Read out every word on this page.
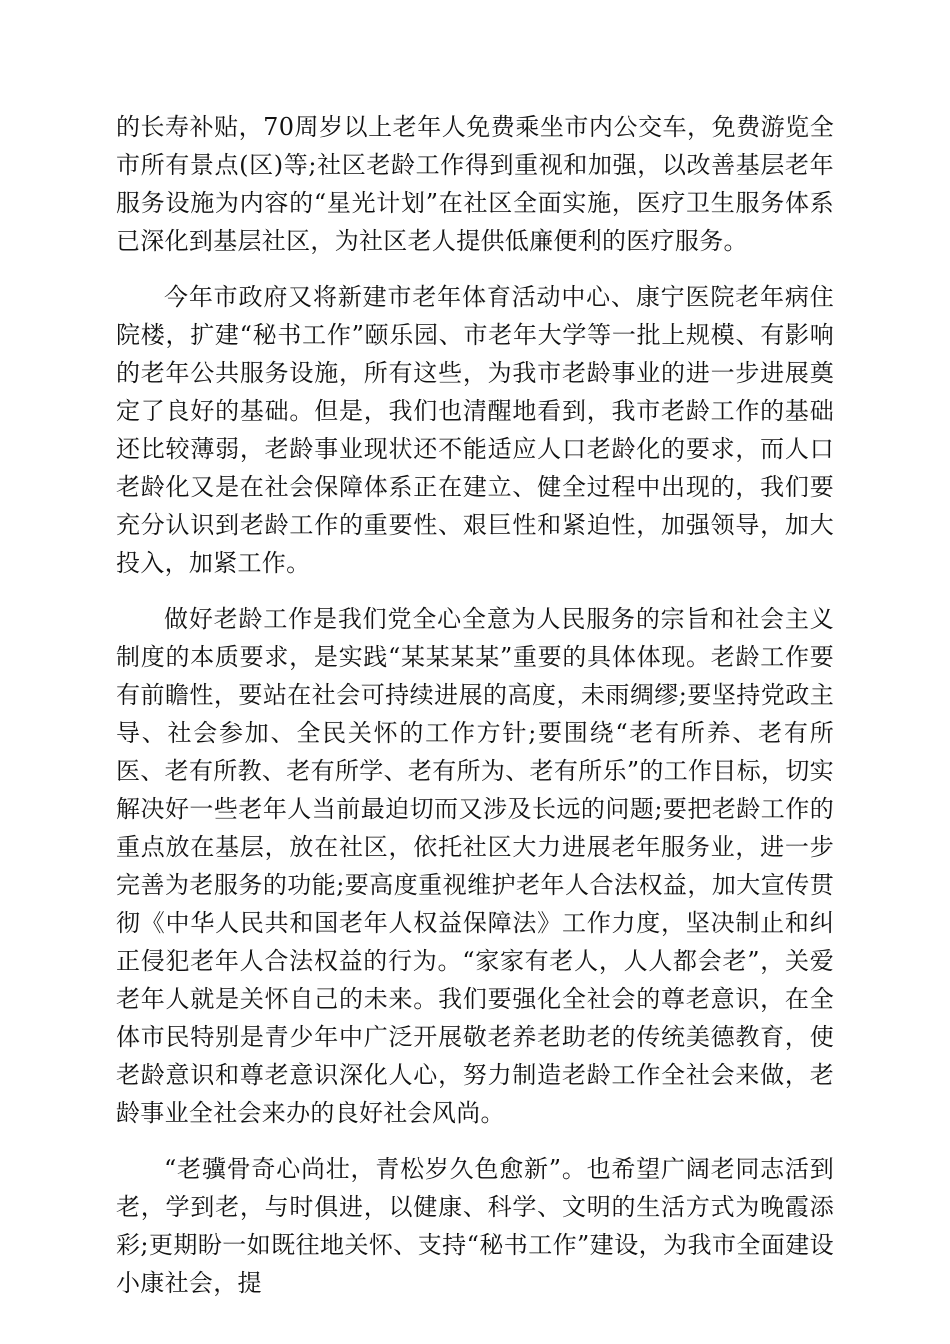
的长寿补贴，70周岁以上老年人免费乘坐市内公交车，免费游览全市所有景点(区)等;社区老龄工作得到重视和加强，以改善基层老年服务设施为内容的“星光计划”在社区全面实施，医疗卫生服务体系已深化到基层社区，为社区老人提供低廉便利的医疗服务。

今年市政府又将新建市老年体育活动中心、康宁医院老年病住院楼，扩建“秘书工作”颐乐园、市老年大学等一批上规模、有影响的老年公共服务设施，所有这些，为我市老龄事业的进一步进展奠定了良好的基础。但是，我们也清醒地看到，我市老龄工作的基础还比较薄弱，老龄事业现状还不能适应人口老龄化的要求，而人口老龄化又是在社会保障体系正在建立、健全过程中出现的，我们要充分认识到老龄工作的重要性、艰巨性和紧迫性，加强领导，加大投入，加紧工作。

做好老龄工作是我们党全心全意为人民服务的宗旨和社会主义制度的本质要求，是实践“某某某某”重要的具体体现。老龄工作要有前瞻性，要站在社会可持续进展的高度，未雨绸缪;要坚持党政主导、社会参加、全民关怀的工作方针;要围绕“老有所养、老有所医、老有所教、老有所学、老有所为、老有所乐”的工作目标，切实解决好一些老年人当前最迫切而又涉及长远的问题;要把老龄工作的重点放在基层，放在社区，依托社区大力进展老年服务业，进一步完善为老服务的功能;要高度重视维护老年人合法权益，加大宣传贯彻《中华人民共和国老年人权益保障法》工作力度，坚决制止和纠正侵犯老年人合法权益的行为。“家家有老人，人人都会老”，关爱老年人就是关怀自己的未来。我们要强化全社会的尊老意识，在全体市民特别是青少年中广泛开展敬老养老助老的传统美德教育，使老龄意识和尊老意识深化人心，努力制造老龄工作全社会来做，老龄事业全社会来办的良好社会风尚。

“老骥骨奇心尚壮，青松岁久色愈新”。也希望广阔老同志活到老，学到老，与时俱进，以健康、科学、文明的生活方式为晚霞添彩;更期盼一如既往地关怀、支持“秘书工作”建设，为我市全面建设小康社会，提
